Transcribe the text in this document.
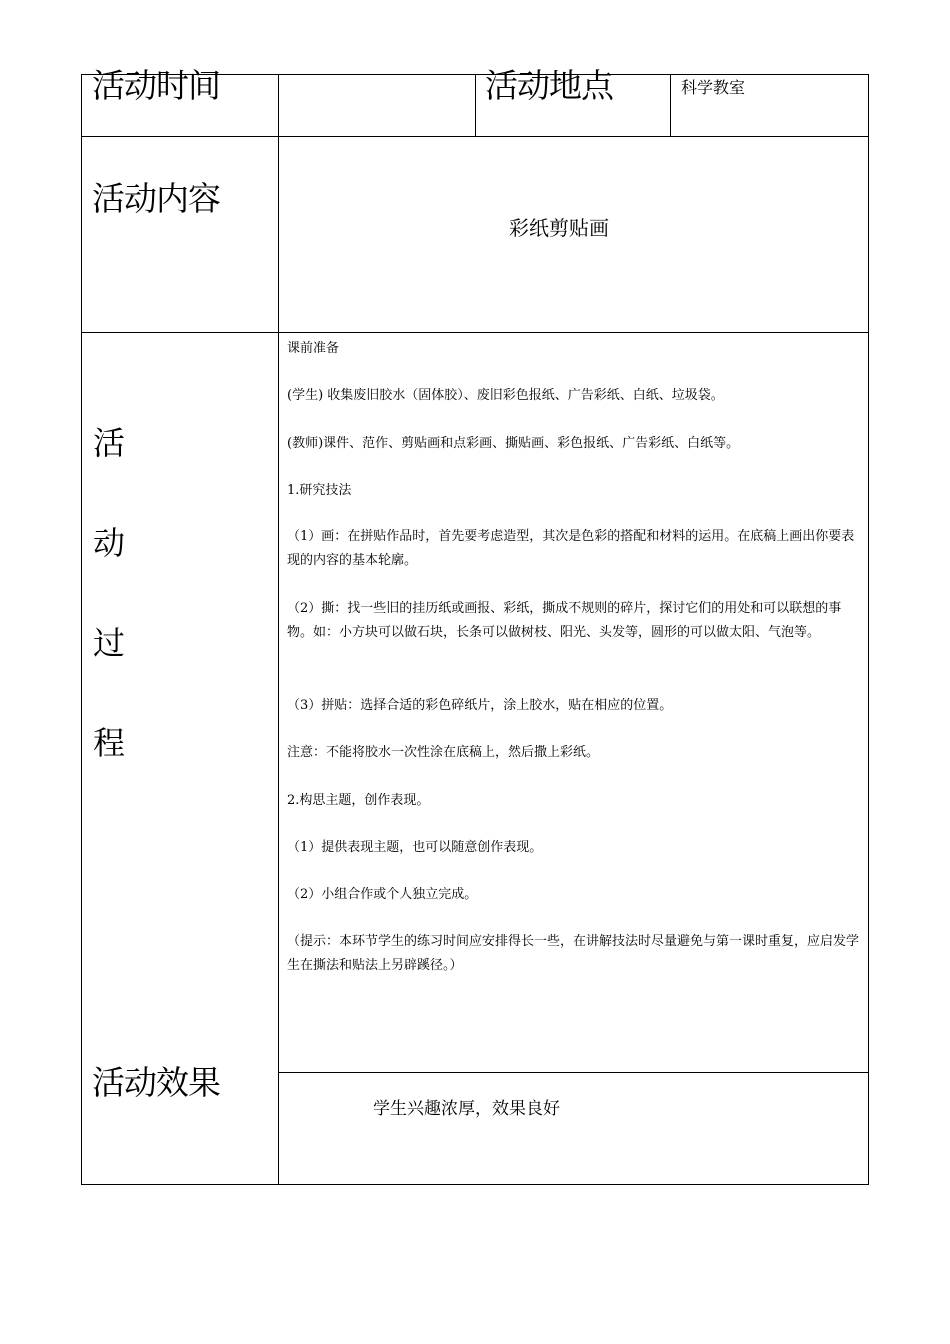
活动时间	活动地点	科学教室
活动内容
彩纸剪贴画
活
动
过
程
课前准备
(学生) 收集废旧胶水（固体胶）、废旧彩色报纸、广告彩纸、白纸、垃圾袋。
(教师)课件、范作、剪贴画和点彩画、撕贴画、彩色报纸、广告彩纸、白纸等。
1.研究技法
（1）画：在拼贴作品时，首先要考虑造型，其次是色彩的搭配和材料的运用。在底稿上画出你要表现的内容的基本轮廓。
（2）撕：找一些旧的挂历纸或画报、彩纸，撕成不规则的碎片，探讨它们的用处和可以联想的事物。如：小方块可以做石块，长条可以做树枝、阳光、头发等，圆形的可以做太阳、气泡等。
（3）拼贴：选择合适的彩色碎纸片，涂上胶水，贴在相应的位置。
注意：不能将胶水一次性涂在底稿上，然后撒上彩纸。
2.构思主题，创作表现。
（1）提供表现主题，也可以随意创作表现。
（2）小组合作或个人独立完成。
（提示：本环节学生的练习时间应安排得长一些，在讲解技法时尽量避免与第一课时重复，应启发学生在撕法和贴法上另辟蹊径。）
活动效果
学生兴趣浓厚，效果良好
